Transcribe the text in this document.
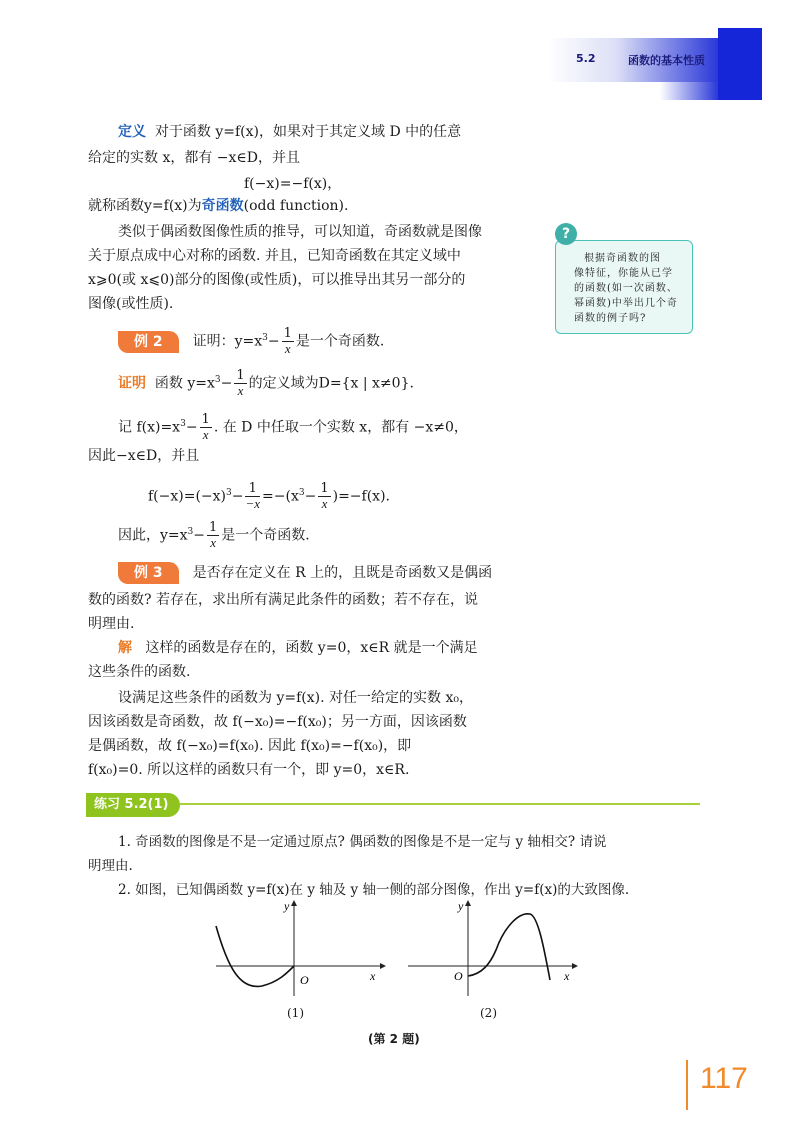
5.2	函数的基本性质
定义 对于函数 y=f(x)，如果对于其定义域 D 中的任意
给定的实数 x，都有 −x∈D，并且
f(−x)=−f(x)，
就称函数y=f(x)为奇函数(odd function).
类似于偶函数图像性质的推导，可以知道，奇函数就是图像
关于原点成中心对称的函数. 并且，已知奇函数在其定义域中
x⩾0(或 x⩽0)部分的图像(或性质)，可以推导出其另一部分的
图像(或性质).
根据奇函数的图
像特征，你能从已学
的函数(如一次函数、
幂函数)中举出几个奇
函数的例子吗?
?
例 2 证明：$y=x^3- \frac{1}{x}$ 是一个奇函数.
证明 函数 $y=x^3- \frac{1}{x}$ 的定义域为D={x | x≠0}.
记 $f(x)=x^3- \frac{1}{x}$ . 在 D 中任取一个实数 x，都有 −x≠0，
因此−x∈D，并且
$f(-x)=(-x)^3- \frac{1}{-x} =-(x^3- \frac{1}{x} )=-f(x)$.
因此，$y=x^3- \frac{1}{x}$ 是一个奇函数.
例 3 是否存在定义在 R 上的，且既是奇函数又是偶函
数的函数? 若存在，求出所有满足此条件的函数；若不存在，说
明理由.
解 这样的函数是存在的，函数 y=0，x∈R 就是一个满足
这些条件的函数.
设满足这些条件的函数为 y=f(x). 对任一给定的实数 x₀，
因该函数是奇函数，故 f(−x₀)=−f(x₀)；另一方面，因该函数
是偶函数，故 f(−x₀)=f(x₀). 因此 f(x₀)=−f(x₀)，即
f(x₀)=0. 所以这样的函数只有一个，即 y=0，x∈R.
练习 5.2(1)
1. 奇函数的图像是不是一定通过原点? 偶函数的图像是不是一定与 y 轴相交? 请说
明理由.
2. 如图，已知偶函数 y=f(x)在 y 轴及 y 轴一侧的部分图像，作出 y=f(x)的大致图像.
O	x
y
(1)
O	x
y
(2)
(第 2 题)
117
